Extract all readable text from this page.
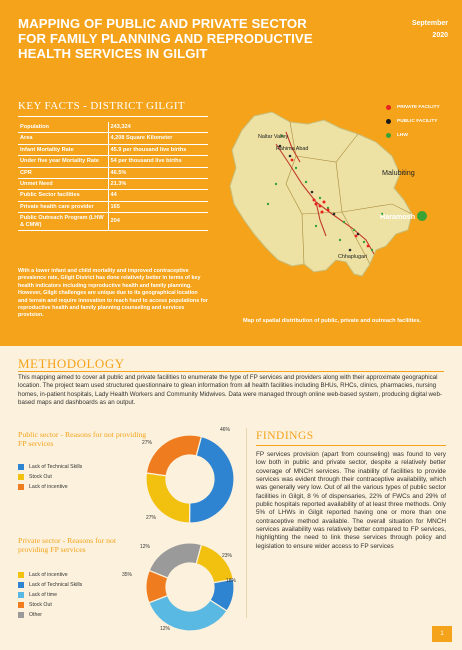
MAPPING OF PUBLIC AND PRIVATE SECTOR
FOR FAMILY PLANNING AND REPRODUCTIVE
HEALTH SERVICES IN GILGIT
September
2020
KEY FACTS - DISTRICT GILGIT
Population	243,324
Area	4,208 Square Kilometer
Infant Mortality Rate	45.9 per thousand live births
Under five year Mortality Rate	54 per thousand live births
CPR	46.5%
Unmet Need	21.3%
Public Sector facilities	44
Private health care provider	165
Public Outreach Program (LHW & CMW)	204
With a lower infant and child mortality and improved contraceptive prevalence rate, Gilgit District has done relatively better in terms of key health indicators including reproductive health and family planning. However, Gilgit challenges are unique due to its geographical location and terrain and require innovation to reach hard to access populations for reproductive health and family planning counseling and services provision.
Naltar Valley
Rahima Abad
Malubiting
Haramosh
Chhaplugari
PRIVATE FACILITY
PUBLIC FACILITY
LHW
Map of spatial distribution of public, private and outreach facilities.
METHODOLOGY
This mapping aimed to cover all public and private facilities to enumerate the type of FP services and providers along with their approximate geographical location. The project team used structured questionnaire to glean information from all health facilities including BHUs, RHCs, clinics, pharmacies, nursing homes, in-patient hospitals, Lady Health Workers and Community Midwives. Data were managed through online web-based system, producing digital web-based maps and dashboards as an output.
Public sector - Reasons for not providing FP services
Lack of Technical Skills
Stock Out
Lack of incentive
27%
46%
27%
Private sector - Reasons for not providing FP services
Lack of incentive
Lack of Technical Skills
Lack of time
Stock Out
Other
12%
23%
18%
12%
35%
FINDINGS
FP services provision (apart from counseling) was found to very low both in public and private sector, despite a relatively better coverage of MNCH services. The inability of facilities to provide services was evident through their contraceptive availability, which was generally very low. Out of all the various types of public sector facilities in Gilgit, 8 % of dispensaries, 22% of FWCs and 29% of public hospitals reported availability of at least three methods. Only 5% of LHWs in Gilgit reported having one or more than one contraceptive method available. The overall situation for MNCH services availability was relatively better compared to FP services, highlighting the need to link these services through policy and legislation to ensure wider access to FP services
1
